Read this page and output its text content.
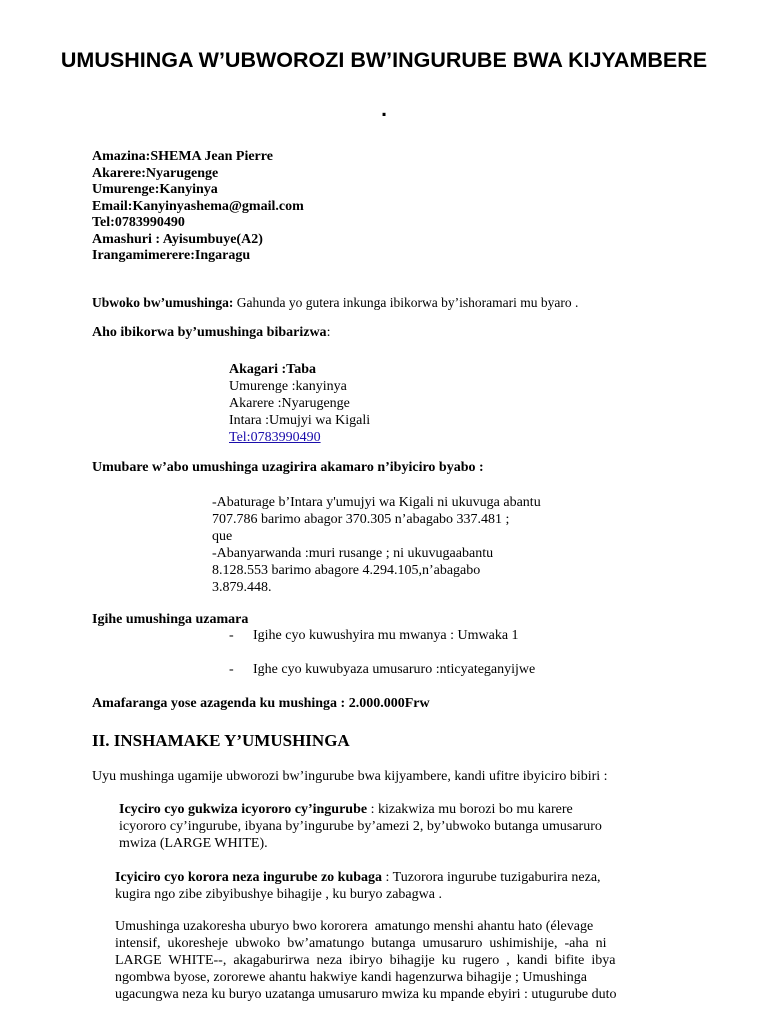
UMUSHINGA W’UBWOROZI BW’INGURUBE BWA KIJYAMBERE
.
Amazina:SHEMA Jean Pierre
Akarere:Nyarugenge
Umurenge:Kanyinya
Email:Kanyinyashema@gmail.com
Tel:0783990490
Amashuri : Ayisumbuye(A2)
Irangamimerere:Ingaragu
Ubwoko bw’umushinga: Gahunda yo gutera inkunga ibikorwa by’ishoramari mu byaro .
Aho ibikorwa by’umushinga bibarizwa:
Akagari :Taba
Umurenge :kanyinya
Akarere :Nyarugenge
Intara :Umujyi wa Kigali
Tel:0783990490
Umubare w’abo umushinga uzagirira akamaro n’ibyiciro byabo :
-Abaturage b’Intara y'umujyi wa Kigali ni ukuvuga abantu
707.786 barimo abagor 370.305 n’abagabo 337.481 ;
que
-Abanyarwanda :muri rusange ; ni ukuvugaabantu
8.128.553 barimo abagore 4.294.105,n’abagabo
3.879.448.
Igihe umushinga uzamara
- Igihe cyo kuwushyira mu mwanya : Umwaka 1
- Ighe cyo kuwubyaza umusaruro :nticyateganyijwe
Amafaranga yose azagenda ku mushinga : 2.000.000Frw
II. INSHAMAKE Y’UMUSHINGA
Uyu mushinga ugamije ubworozi bw’ingurube bwa kijyambere, kandi ufitre ibyiciro bibiri :
Icyciro cyo gukwiza icyororo cy’ingurube : kizakwiza mu borozi bo mu karere
icyororo cy’ingurube, ibyana by’ingurube by’amezi 2, by’ubwoko butanga umusaruro
mwiza (LARGE WHITE).
Icyiciro cyo korora neza ingurube zo kubaga : Tuzorora ingurube tuzigaburira neza,
kugira ngo zibe zibyibushye bihagije , ku buryo zabagwa .
Umushinga uzakoresha uburyo bwo kororera  amatungo menshi ahantu hato (élevage
intensif,  ukoresheje  ubwoko  bw’amatungo  butanga  umusaruro  ushimishije,  -aha  ni
LARGE  WHITE--,  akagaburirwa  neza  ibiryo  bihagije  ku  rugero  ,  kandi  bifite  ibya
ngombwa byose, zororewe ahantu hakwiye kandi hagenzurwa bihagije ; Umushinga
ugacungwa neza ku buryo uzatanga umusaruro mwiza ku mpande ebyiri : utugurube duto
